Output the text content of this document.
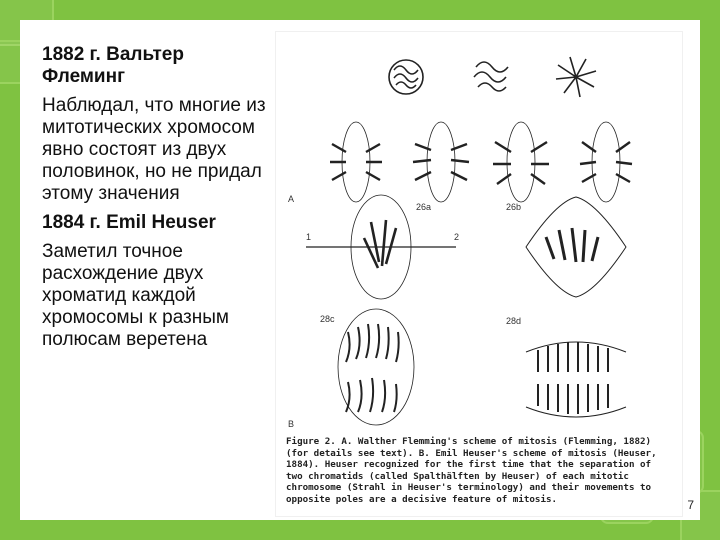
1882 г. Вальтер Флеминг

Наблюдал, что многие из митотических хромосом явно состоят из двух половинок, но не придал этому значения

1884 г. Emil Heuser

Заметил точное расхождение двух хроматид каждой хромосомы к разным полюсам веретена

A
B
1	2
26a	26b
28c	28d
Figure 2. A. Walther Flemming's scheme of mitosis (Flemming, 1882) (for details see text). B. Emil Heuser's scheme of mitosis (Heuser, 1884). Heuser recognized for the first time that the separation of two chromatids (called Spalthälften by Heuser) of each mitotic chromosome (Strahl in Heuser's terminology) and their movements to opposite poles are a decisive feature of mitosis.	7
